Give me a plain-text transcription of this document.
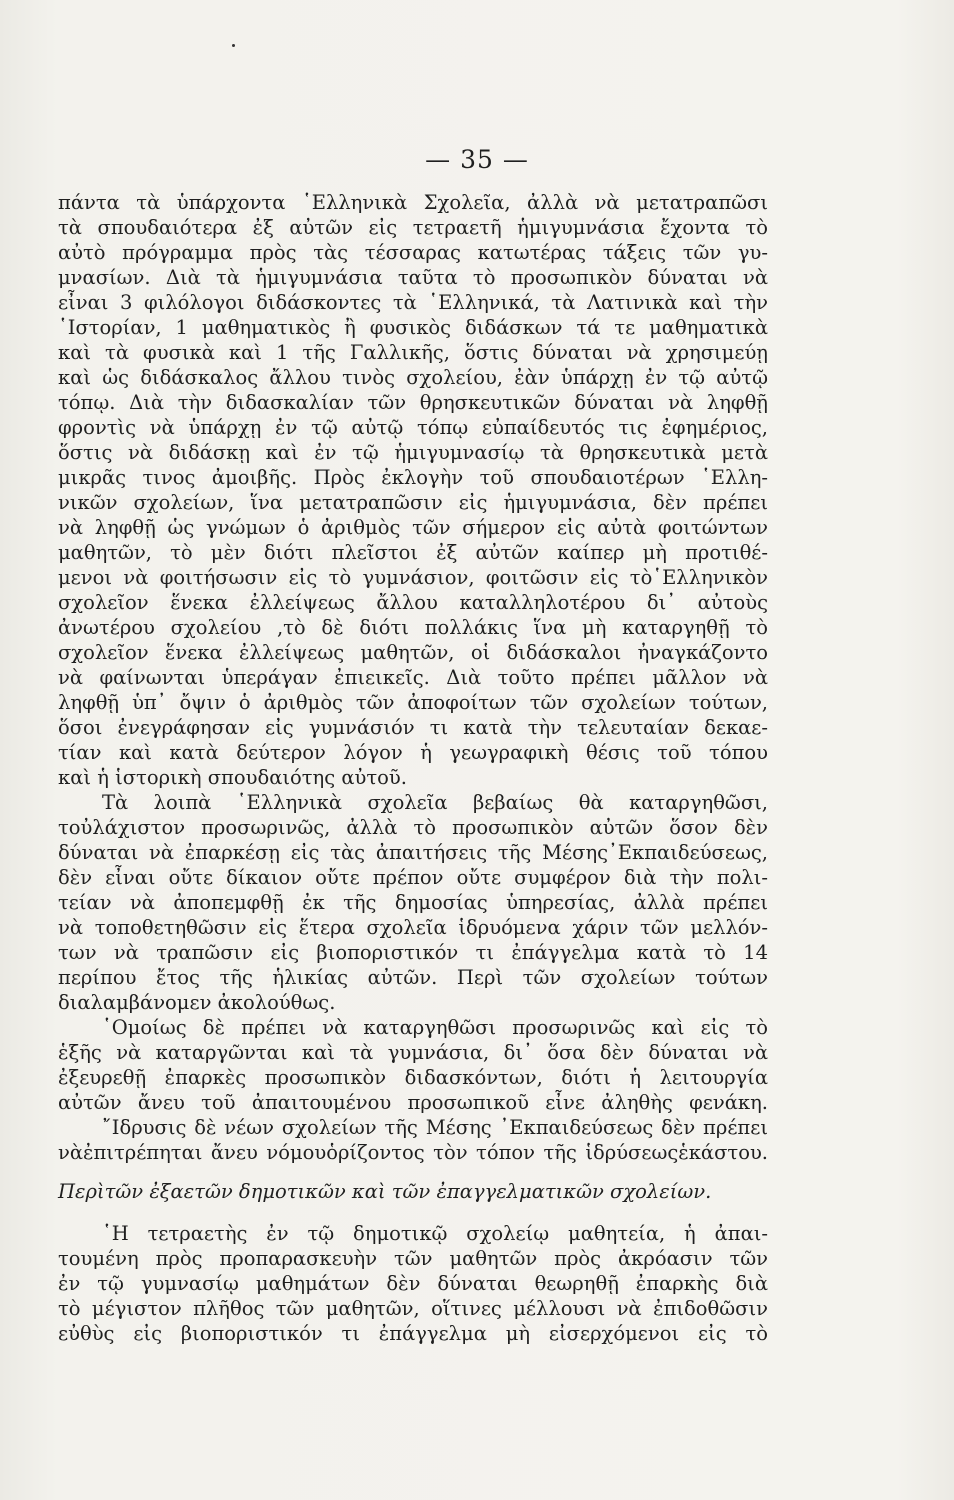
— 35 —
πάντα τὰ ὑπάρχοντα ῾Ελληνικὰ Σχολεῖα, ἀλλὰ νὰ μετατραπῶσι
τὰ σπουδαιότερα ἐξ αὐτῶν εἰς τετραετῆ ἡμιγυμνάσια ἔχοντα τὸ
αὐτὸ πρόγραμμα πρὸς τὰς τέσσαρας κατωτέρας τάξεις τῶν γυ-
μνασίων. Διὰ τὰ ἡμιγυμνάσια ταῦτα τὸ προσωπικὸν δύναται νὰ
εἶναι 3 φιλόλογοι διδάσκοντες τὰ ῾Ελληνικά, τὰ Λατινικὰ καὶ τὴν
῾Ιστορίαν, 1 μαθηματικὸς ἢ φυσικὸς διδάσκων τά τε μαθηματικὰ
καὶ τὰ φυσικὰ καὶ 1 τῆς Γαλλικῆς, ὅστις δύναται νὰ χρησιμεύῃ
καὶ ὡς διδάσκαλος ἄλλου τινὸς σχολείου, ἐὰν ὑπάρχῃ ἐν τῷ αὐτῷ
τόπῳ. Διὰ τὴν διδασκαλίαν τῶν θρησκευτικῶν δύναται νὰ ληφθῇ
φροντὶς νὰ ὑπάρχῃ ἐν τῷ αὐτῷ τόπῳ εὐπαίδευτός τις ἐφημέριος,
ὅστις νὰ διδάσκῃ καὶ ἐν τῷ ἡμιγυμνασίῳ τὰ θρησκευτικὰ μετὰ
μικρᾶς τινος ἀμοιβῆς. Πρὸς ἐκλογὴν τοῦ σπουδαιοτέρων ῾Ελλη-
νικῶν σχολείων, ἵνα μετατραπῶσιν εἰς ἡμιγυμνάσια, δὲν πρέπει
νὰ ληφθῇ ὡς γνώμων ὁ ἀριθμὸς τῶν σήμερον εἰς αὐτὰ φοιτώντων
μαθητῶν, τὸ μὲν διότι πλεῖστοι ἐξ αὐτῶν καίπερ μὴ προτιθέ-
μενοι νὰ φοιτήσωσιν εἰς τὸ γυμνάσιον, φοιτῶσιν εἰς τὸ῾Ελληνικὸν
σχολεῖον ἕνεκα ἐλλείψεως ἄλλου καταλληλοτέρου δι᾽ αὐτοὺς
ἀνωτέρου σχολείου ,τὸ δὲ διότι πολλάκις ἵνα μὴ καταργηθῇ τὸ
σχολεῖον ἕνεκα ἐλλείψεως μαθητῶν, οἱ διδάσκαλοι ἠναγκάζοντο
νὰ φαίνωνται ὑπεράγαν ἐπιεικεῖς. Διὰ τοῦτο πρέπει μᾶλλον νὰ
ληφθῇ ὑπ᾽ ὄψιν ὁ ἀριθμὸς τῶν ἀποφοίτων τῶν σχολείων τούτων,
ὅσοι ἐνεγράφησαν εἰς γυμνάσιόν τι κατὰ τὴν τελευταίαν δεκαε-
τίαν καὶ κατὰ δεύτερον λόγον ἡ γεωγραφικὴ θέσις τοῦ τόπου
καὶ ἡ ἱστορικὴ σπουδαιότης αὐτοῦ.
Τὰ λοιπὰ ῾Ελληνικὰ σχολεῖα βεβαίως θὰ καταργηθῶσι,
τοὐλάχιστον προσωρινῶς, ἀλλὰ τὸ προσωπικὸν αὐτῶν ὅσον δὲν
δύναται νὰ ἐπαρκέσῃ εἰς τὰς ἀπαιτήσεις τῆς Μέσης᾽Εκπαιδεύσεως,
δὲν εἶναι οὔτε δίκαιον οὔτε πρέπον οὔτε συμφέρον διὰ τὴν πολι-
τείαν νὰ ἀποπεμφθῇ ἐκ τῆς δημοσίας ὑπηρεσίας, ἀλλὰ πρέπει
νὰ τοποθετηθῶσιν εἰς ἕτερα σχολεῖα ἱδρυόμενα χάριν τῶν μελλόν-
των νὰ τραπῶσιν εἰς βιοποριστικόν τι ἐπάγγελμα κατὰ τὸ 14
περίπου ἔτος τῆς ἡλικίας αὐτῶν. Περὶ τῶν σχολείων τούτων
διαλαμβάνομεν ἀκολούθως.
῾Ομοίως δὲ πρέπει νὰ καταργηθῶσι προσωρινῶς καὶ εἰς τὸ
ἑξῆς νὰ καταργῶνται καὶ τὰ γυμνάσια, δι᾽ ὅσα δὲν δύναται νὰ
ἐξευρεθῇ ἐπαρκὲς προσωπικὸν διδασκόντων, διότι ἡ λειτουργία
αὐτῶν ἄνευ τοῦ ἀπαιτουμένου προσωπικοῦ εἶνε ἀληθὴς φενάκη.
῎Ιδρυσις δὲ νέων σχολείων τῆς Μέσης ᾽Εκπαιδεύσεως δὲν πρέπει
νὰἐπιτρέπηται ἄνευ νόμουὁρίζοντος τὸν τόπον τῆς ἱδρύσεωςἑκάστου.
Περὶτῶν ἐξαετῶν δημοτικῶν καὶ τῶν ἐπαγγελματικῶν σχολείων.
῾Η τετραετὴς ἐν τῷ δημοτικῷ σχολείῳ μαθητεία, ἡ ἀπαι-
τουμένη πρὸς προπαρασκευὴν τῶν μαθητῶν πρὸς ἀκρόασιν τῶν
ἐν τῷ γυμνασίῳ μαθημάτων δὲν δύναται θεωρηθῇ ἐπαρκὴς διὰ
τὸ μέγιστον πλῆθος τῶν μαθητῶν, οἵτινες μέλλουσι νὰ ἐπιδοθῶσιν
εὐθὺς εἰς βιοποριστικόν τι ἐπάγγελμα μὴ εἰσερχόμενοι εἰς τὸ
